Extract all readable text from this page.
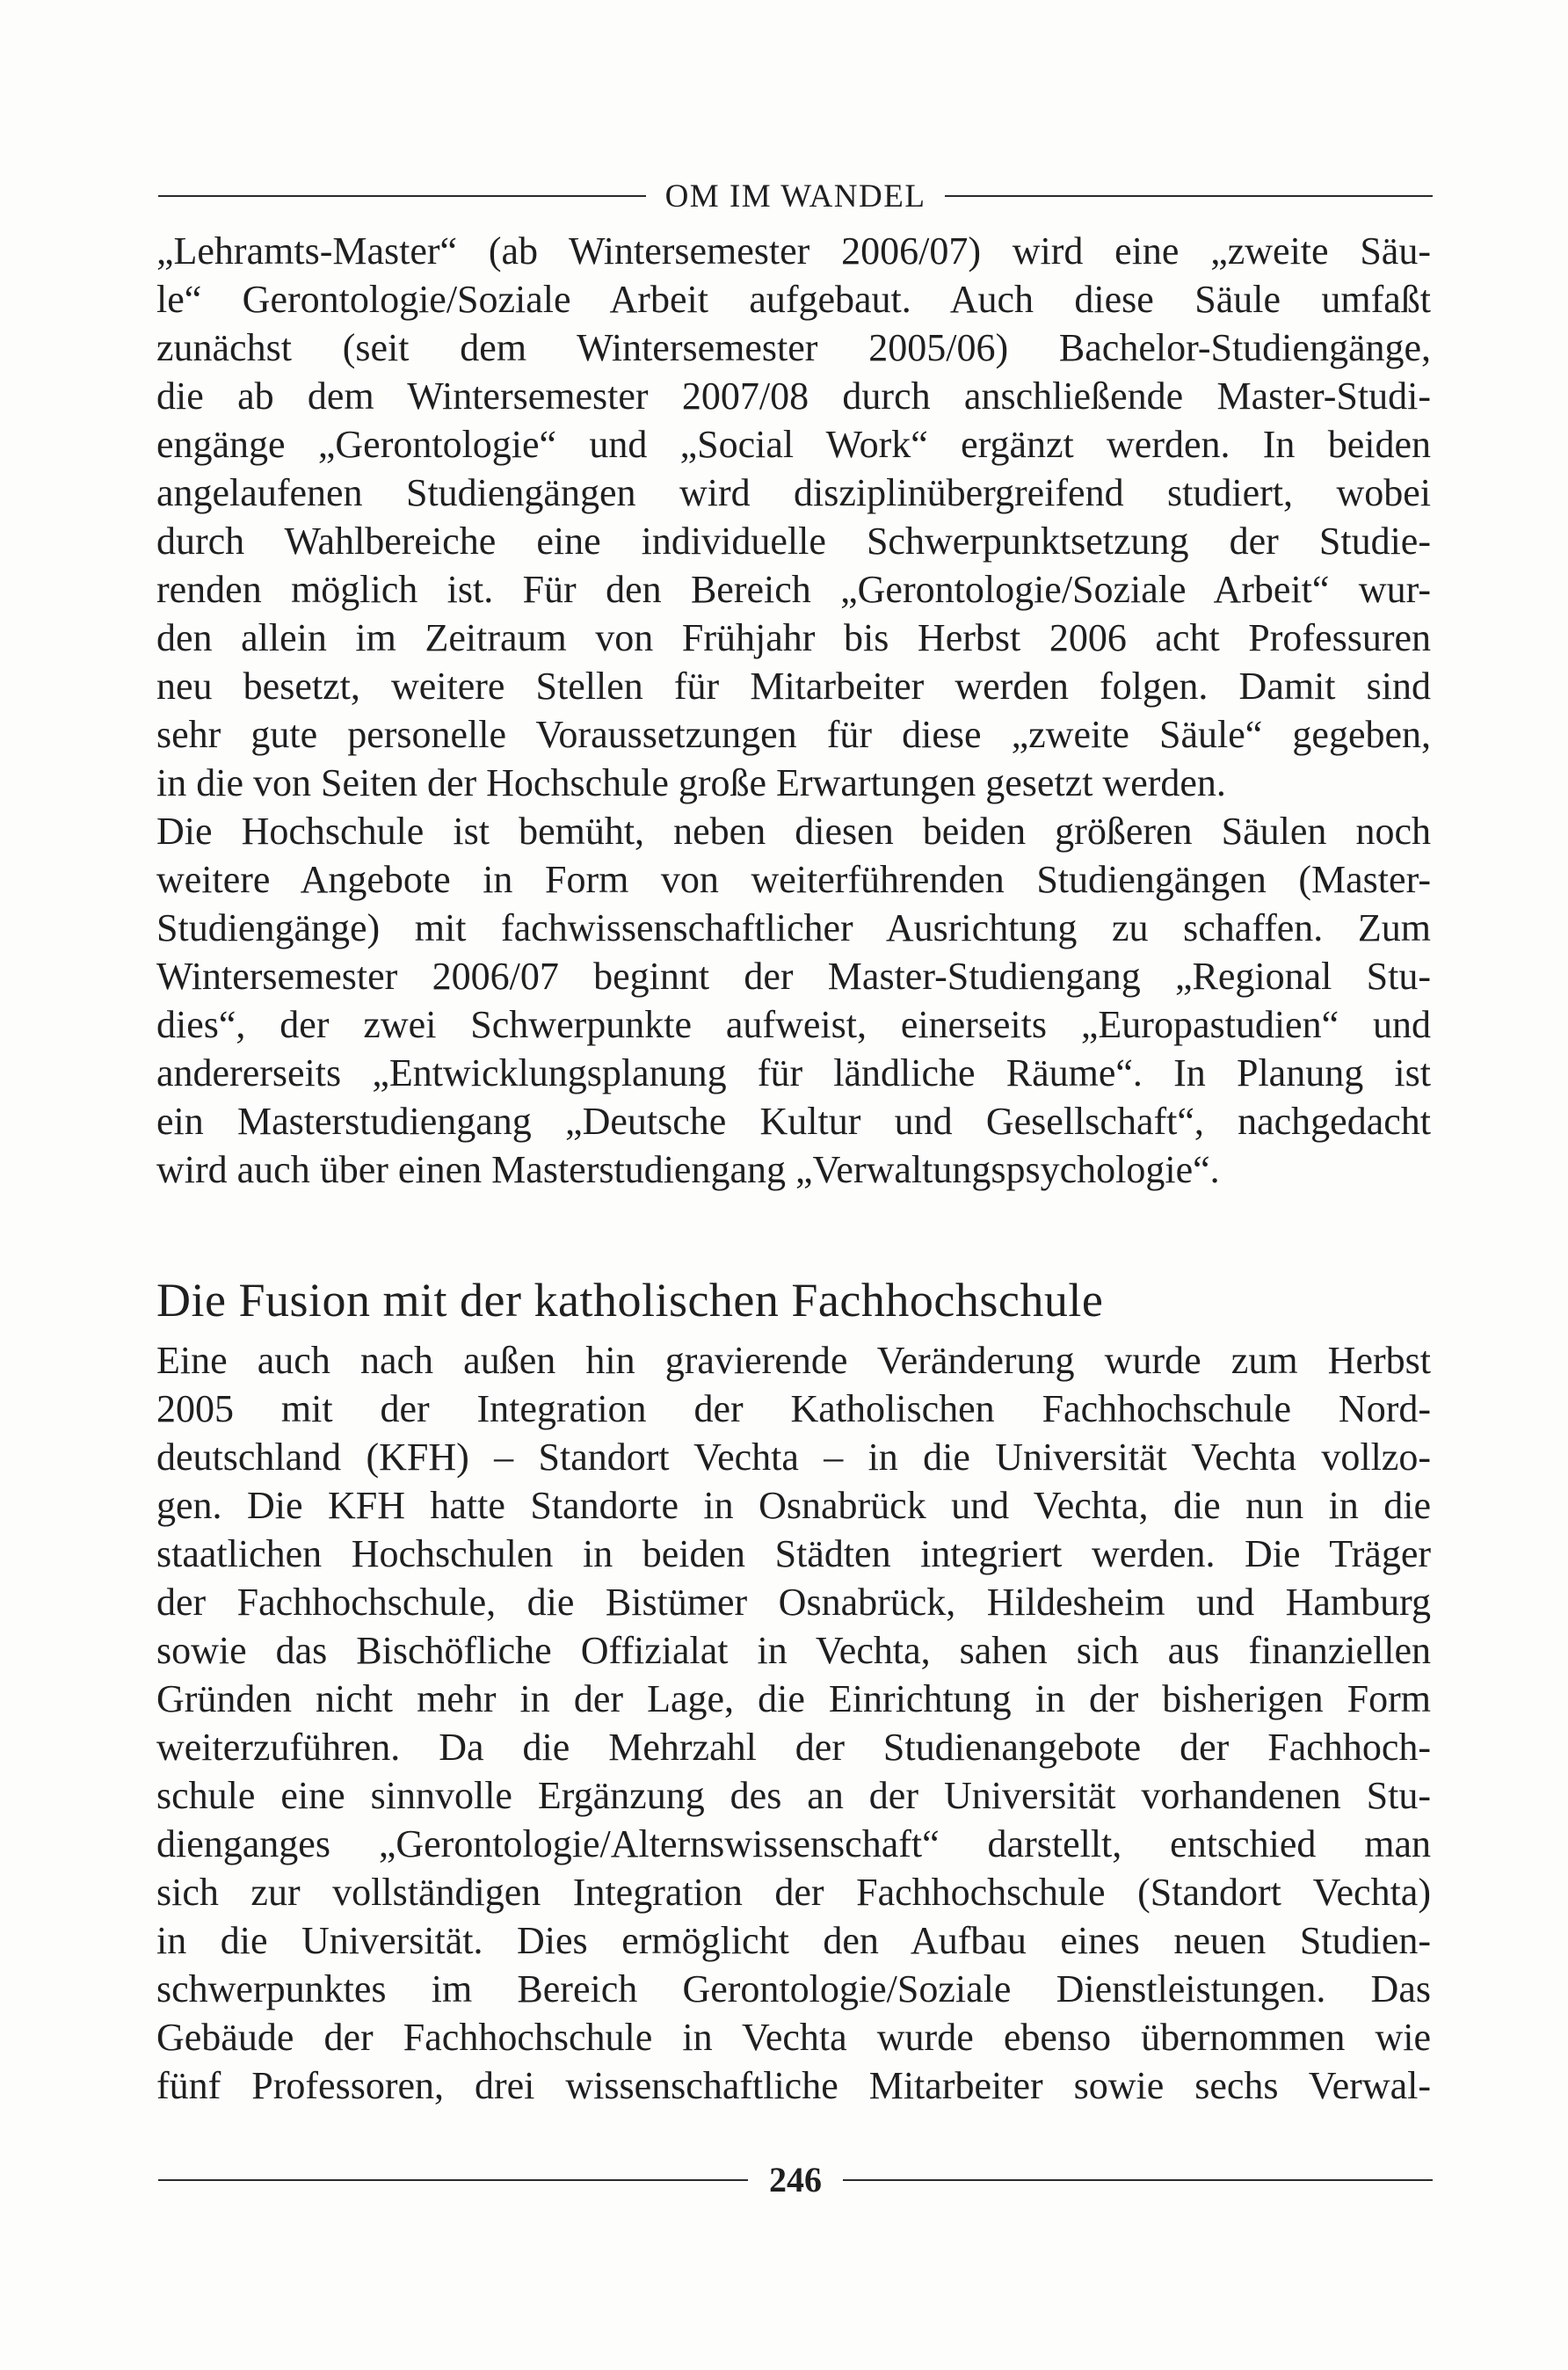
OM IM WANDEL

„Lehramts-Master“ (ab Wintersemester 2006/07) wird eine „zweite Säu-
le“ Gerontologie/Soziale Arbeit aufgebaut. Auch diese Säule umfaßt
zunächst (seit dem Wintersemester 2005/06) Bachelor-Studiengänge,
die ab dem Wintersemester 2007/08 durch anschließende Master-Studi-
engänge „Gerontologie“ und „Social Work“ ergänzt werden. In beiden
angelaufenen Studiengängen wird disziplinübergreifend studiert, wobei
durch Wahlbereiche eine individuelle Schwerpunktsetzung der Studie-
renden möglich ist. Für den Bereich „Gerontologie/Soziale Arbeit“ wur-
den allein im Zeitraum von Frühjahr bis Herbst 2006 acht Professuren
neu besetzt, weitere Stellen für Mitarbeiter werden folgen. Damit sind
sehr gute personelle Voraussetzungen für diese „zweite Säule“ gegeben,
in die von Seiten der Hochschule große Erwartungen gesetzt werden.

Die Hochschule ist bemüht, neben diesen beiden größeren Säulen noch
weitere Angebote in Form von weiterführenden Studiengängen (Master-
Studiengänge) mit fachwissenschaftlicher Ausrichtung zu schaffen. Zum
Wintersemester 2006/07 beginnt der Master-Studiengang „Regional Stu-
dies“, der zwei Schwerpunkte aufweist, einerseits „Europastudien“ und
andererseits „Entwicklungsplanung für ländliche Räume“. In Planung ist
ein Masterstudiengang „Deutsche Kultur und Gesellschaft“, nachgedacht
wird auch über einen Masterstudiengang „Verwaltungspsychologie“.

Die Fusion mit der katholischen Fachhochschule

Eine auch nach außen hin gravierende Veränderung wurde zum Herbst
2005 mit der Integration der Katholischen Fachhochschule Nord-
deutschland (KFH) – Standort Vechta – in die Universität Vechta vollzo-
gen. Die KFH hatte Standorte in Osnabrück und Vechta, die nun in die
staatlichen Hochschulen in beiden Städten integriert werden. Die Träger
der Fachhochschule, die Bistümer Osnabrück, Hildesheim und Hamburg
sowie das Bischöfliche Offizialat in Vechta, sahen sich aus finanziellen
Gründen nicht mehr in der Lage, die Einrichtung in der bisherigen Form
weiterzuführen. Da die Mehrzahl der Studienangebote der Fachhoch-
schule eine sinnvolle Ergänzung des an der Universität vorhandenen Stu-
dienganges „Gerontologie/Alternswissenschaft“ darstellt, entschied man
sich zur vollständigen Integration der Fachhochschule (Standort Vechta)
in die Universität. Dies ermöglicht den Aufbau eines neuen Studien-
schwerpunktes im Bereich Gerontologie/Soziale Dienstleistungen. Das
Gebäude der Fachhochschule in Vechta wurde ebenso übernommen wie
fünf Professoren, drei wissenschaftliche Mitarbeiter sowie sechs Verwal-

246
